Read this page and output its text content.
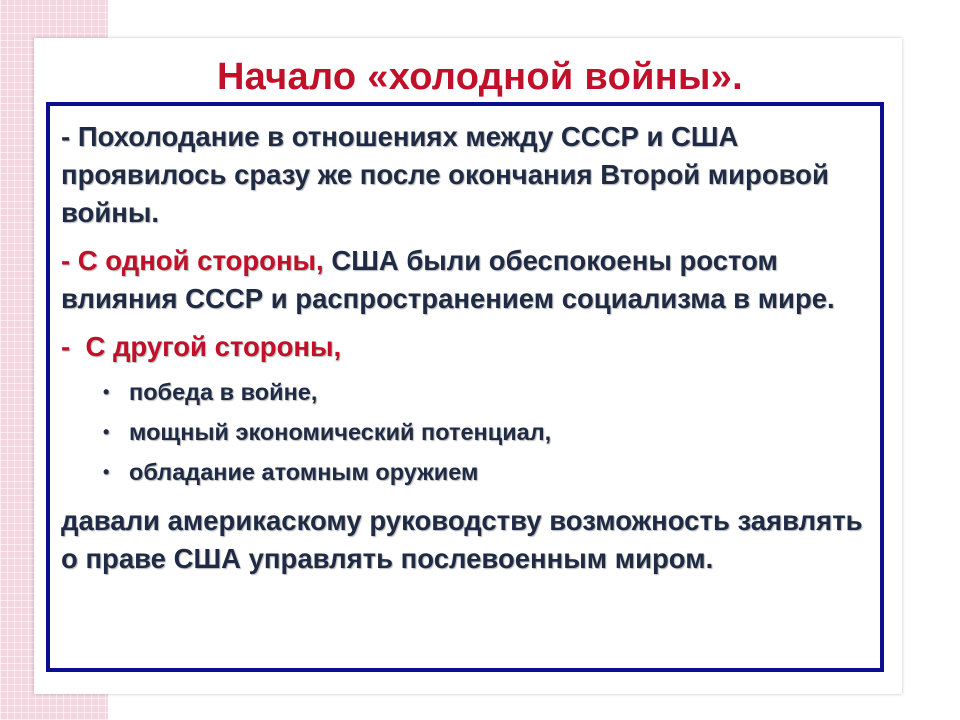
Начало «холодной войны».

- Похолодание в отношениях между СССР и США проявилось сразу же после окончания Второй мировой войны.

- С одной стороны, США были обеспокоены ростом влияния СССР и распространением социализма в мире.

- С другой стороны,

• победа в войне,
• мощный экономический потенциал,
• обладание атомным оружием

давали америкаскому руководству возможность заявлять о праве США управлять послевоенным миром.
